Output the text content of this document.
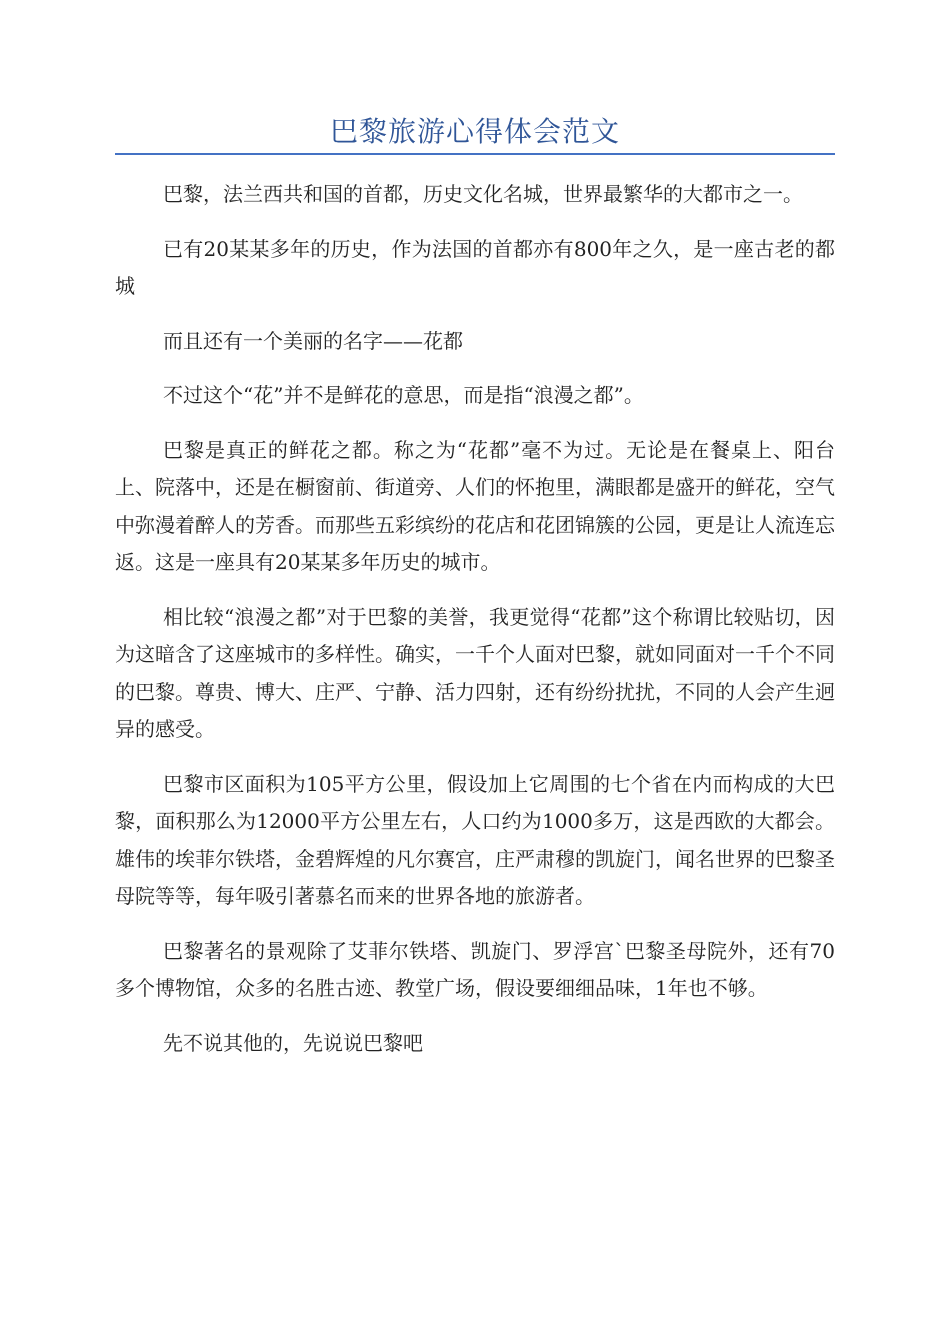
巴黎旅游心得体会范文

巴黎，法兰西共和国的首都，历史文化名城，世界最繁华的大都市之一。

已有20某某多年的历史，作为法国的首都亦有800年之久，是一座古老的都城

而且还有一个美丽的名字——花都

不过这个“花”并不是鲜花的意思，而是指“浪漫之都”。

巴黎是真正的鲜花之都。称之为“花都”毫不为过。无论是在餐桌上、阳台上、院落中，还是在橱窗前、街道旁、人们的怀抱里，满眼都是盛开的鲜花，空气中弥漫着醉人的芳香。而那些五彩缤纷的花店和花团锦簇的公园，更是让人流连忘返。这是一座具有20某某多年历史的城市。

相比较“浪漫之都”对于巴黎的美誉，我更觉得“花都”这个称谓比较贴切，因为这暗含了这座城市的多样性。确实，一千个人面对巴黎，就如同面对一千个不同的巴黎。尊贵、博大、庄严、宁静、活力四射，还有纷纷扰扰，不同的人会产生迥异的感受。

巴黎市区面积为105平方公里，假设加上它周围的七个省在内而构成的大巴黎，面积那么为12000平方公里左右，人口约为1000多万，这是西欧的大都会。雄伟的埃菲尔铁塔，金碧辉煌的凡尔赛宫，庄严肃穆的凯旋门，闻名世界的巴黎圣母院等等，每年吸引著慕名而来的世界各地的旅游者。

巴黎著名的景观除了艾菲尔铁塔、凯旋门、罗浮宫`巴黎圣母院外，还有70多个博物馆，众多的名胜古迹、教堂广场，假设要细细品味，1年也不够。

先不说其他的，先说说巴黎吧
